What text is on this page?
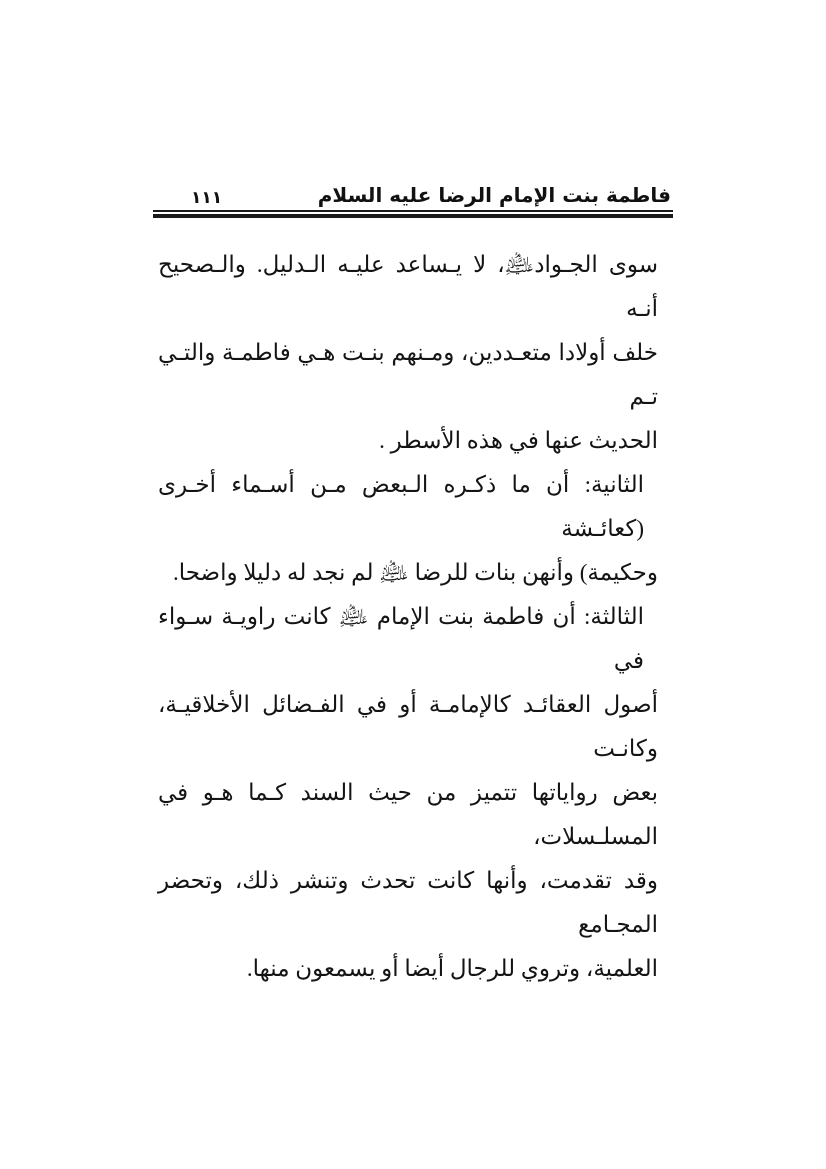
فاطمة بنت الإمام الرضا عليه السلام
١١١
سوى الجـواد﵇، لا يـساعد عليـه الـدليل. والـصحيح أنـه
خلف أولادا متعـددين، ومـنهم بنـت هـي فاطمـة والتـي تـم
الحديث عنها في هذه الأسطر .
الثانية: أن ما ذكـره الـبعض مـن أسـماء أخـرى (كعائـشة
وحكيمة) وأنهن بنات للرضا ﵇ لم نجد له دليلا واضحا.
الثالثة: أن فاطمة بنت الإمام ﵇ كانت راويـة سـواء في
أصول العقائـد كالإمامـة أو في الفـضائل الأخلاقيـة، وكانـت
بعض رواياتها تتميز من حيث السند كـما هـو في المسلـسلات،
وقد تقدمت، وأنها كانت تحدث وتنشر ذلك، وتحضر المجـامع
العلمية، وتروي للرجال أيضا أو يسمعون منها.
